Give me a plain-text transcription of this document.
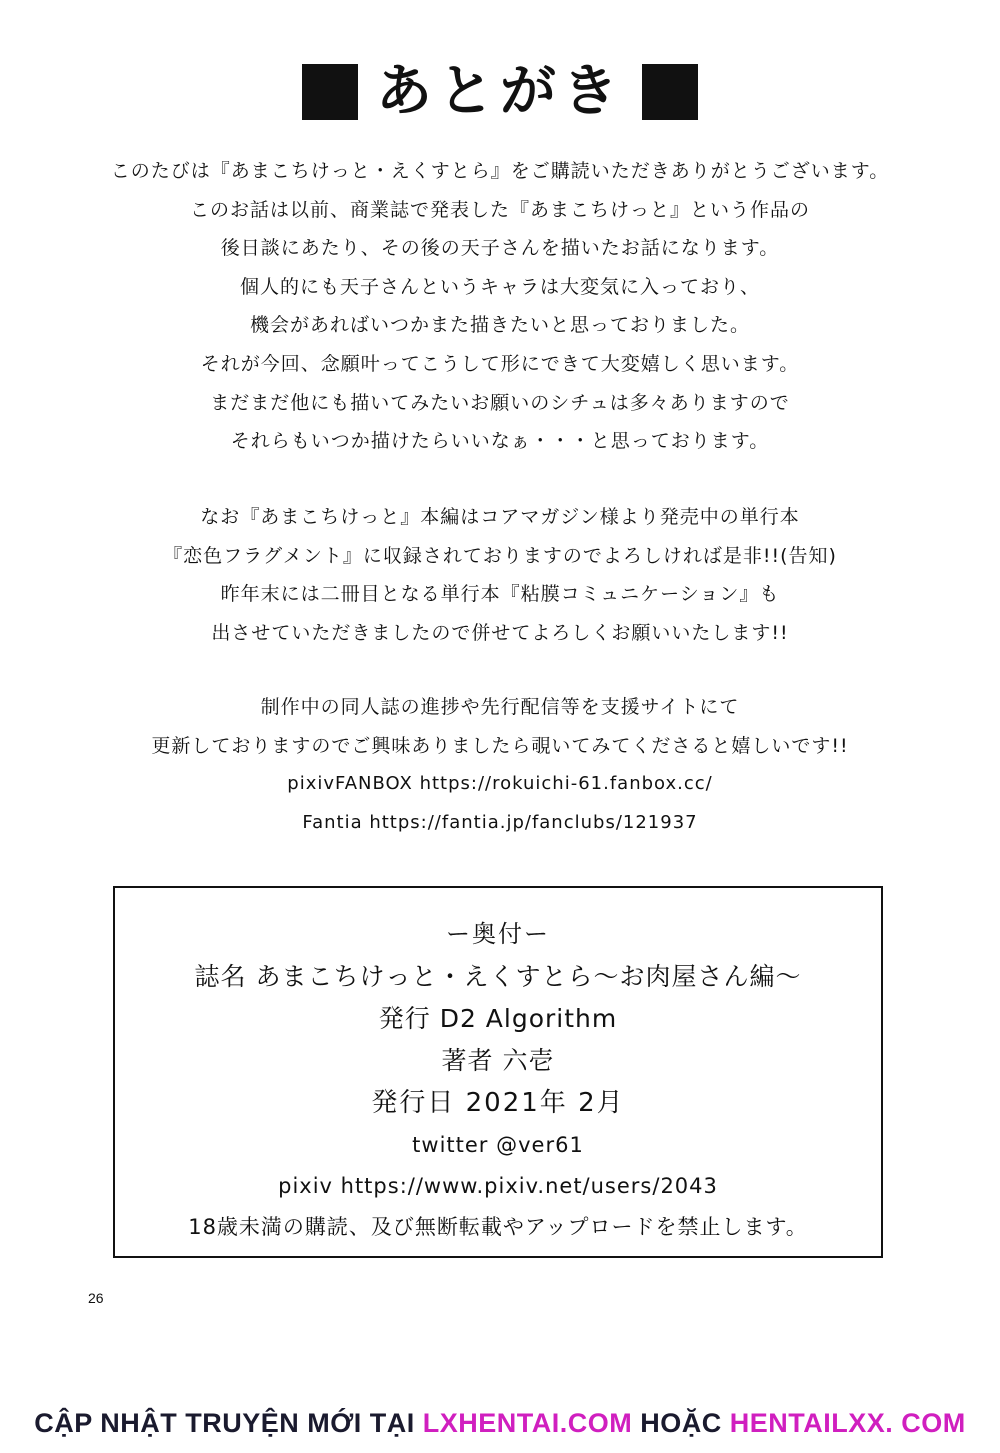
あとがき
このたびは『あまこちけっと・えくすとら』をご購読いただきありがとうございます。
このお話は以前、商業誌で発表した『あまこちけっと』という作品の
後日談にあたり、その後の天子さんを描いたお話になります。
個人的にも天子さんというキャラは大変気に入っており、
機会があればいつかまた描きたいと思っておりました。
それが今回、念願叶ってこうして形にできて大変嬉しく思います。
まだまだ他にも描いてみたいお願いのシチュは多々ありますので
それらもいつか描けたらいいなぁ・・・と思っております。
なお『あまこちけっと』本編はコアマガジン様より発売中の単行本
『恋色フラグメント』に収録されておりますのでよろしければ是非!!(告知)
昨年末には二冊目となる単行本『粘膜コミュニケーション』も
出させていただきましたので併せてよろしくお願いいたします!!
制作中の同人誌の進捗や先行配信等を支援サイトにて
更新しておりますのでご興味ありましたら覗いてみてくださると嬉しいです!!
pixivFANBOX https://rokuichi-61.fanbox.cc/
Fantia https://fantia.jp/fanclubs/121937
ー奥付ー
誌名 あまこちけっと・えくすとら〜お肉屋さん編〜
発行 D2 Algorithm
著者 六壱
発行日 2021年 2月
twitter @ver61
pixiv https://www.pixiv.net/users/2043
18歳未満の購読、及び無断転載やアップロードを禁止します。
26
CẬP NHẬT TRUYỆN MỚI TẠI LXHENTAI.COM HOẶC HENTAILXX. COM
